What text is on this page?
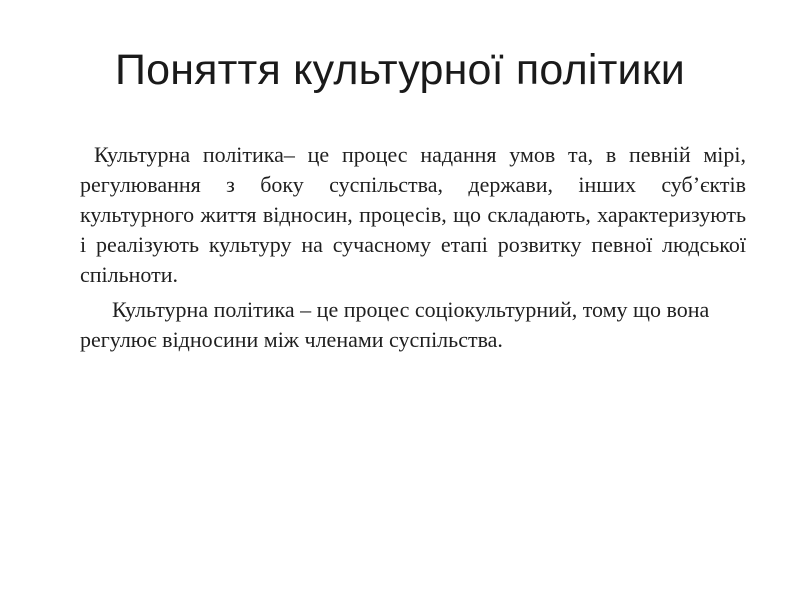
Поняття культурної політики

Культурна політика– це процес надання умов та, в певній мірі, регулювання з боку суспільства, держави, інших суб’єктів культурного життя відносин, процесів, що складають, характеризують і реалізують культуру на сучасному етапі розвитку певної людської спільноти.

Культурна політика – це процес соціокультурний, тому що вона регулює відносини між членами суспільства.
